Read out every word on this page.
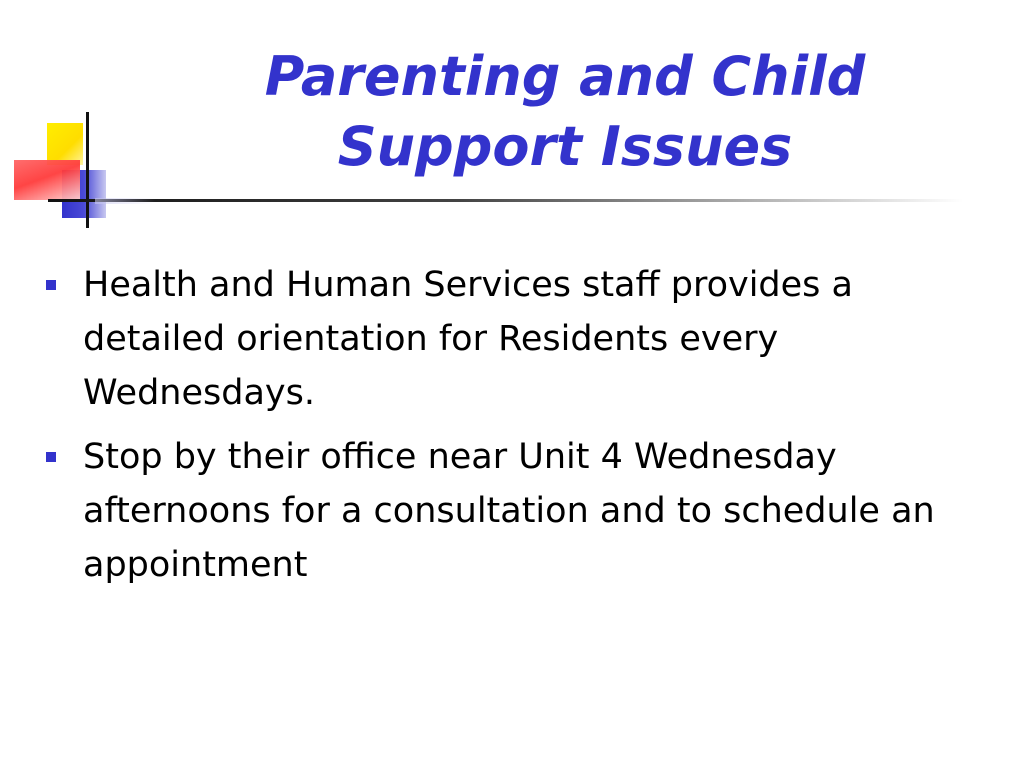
Parenting and Child
Support Issues
Health and Human Services staff provides a detailed orientation for Residents every Wednesdays.
Stop by their office near Unit 4 Wednesday afternoons for a consultation and to schedule an appointment
